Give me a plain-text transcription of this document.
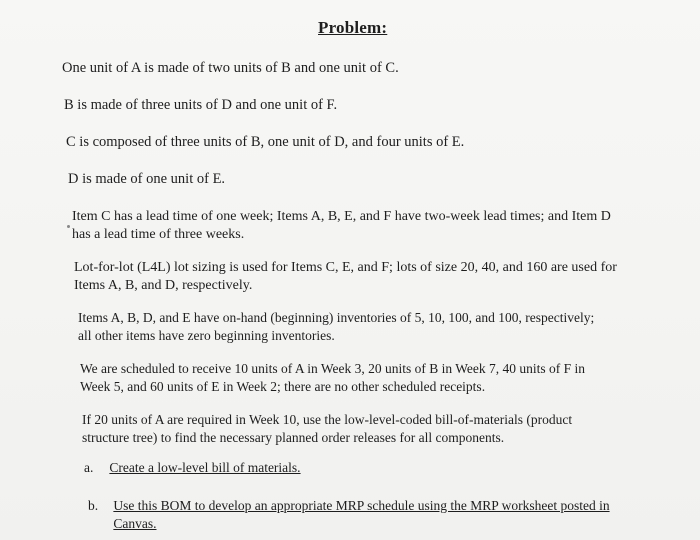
Problem:
One unit of A is made of two units of B and one unit of C.
B is made of three units of D and one unit of F.
C is composed of three units of B, one unit of D, and four units of E.
D is made of one unit of E.
Item C has a lead time of one week; Items A, B, E, and F have two-week lead times; and Item D
has a lead time of three weeks.
Lot-for-lot (L4L) lot sizing is used for Items C, E, and F; lots of size 20, 40, and 160 are used for
Items A, B, and D, respectively.
Items A, B, D, and E have on-hand (beginning) inventories of 5, 10, 100, and 100, respectively;
all other items have zero beginning inventories.
We are scheduled to receive 10 units of A in Week 3, 20 units of B in Week 7, 40 units of F in
Week 5, and 60 units of E in Week 2; there are no other scheduled receipts.
If 20 units of A are required in Week 10, use the low-level-coded bill-of-materials (product
structure tree) to find the necessary planned order releases for all components.
a. Create a low-level bill of materials.
b. Use this BOM to develop an appropriate MRP schedule using the MRP worksheet posted in Canvas.
